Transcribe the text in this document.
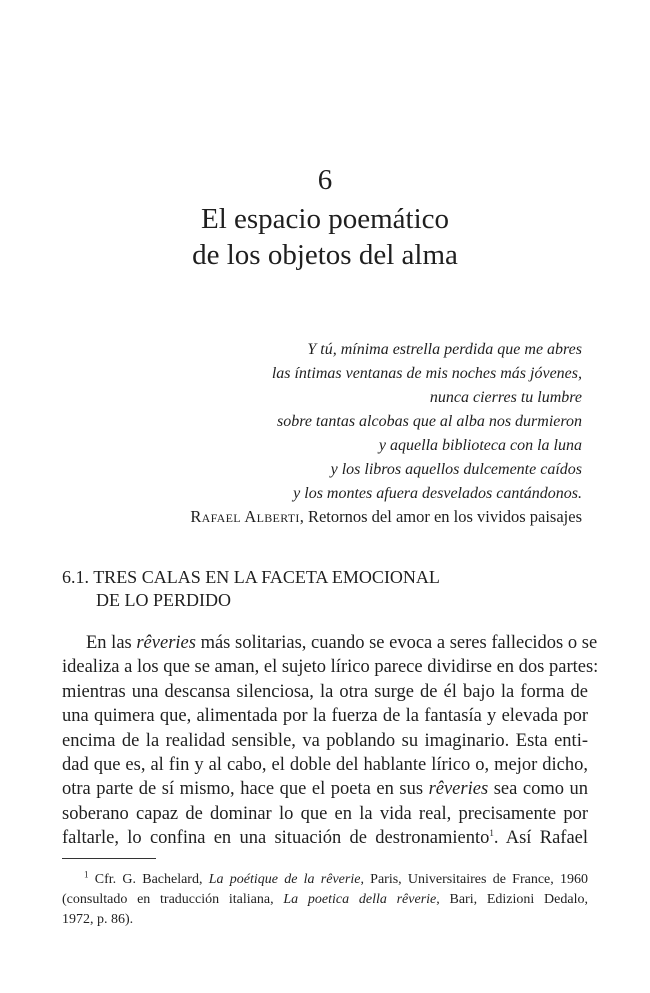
6
El espacio poemático
de los objetos del alma
Y tú, mínima estrella perdida que me abres
las íntimas ventanas de mis noches más jóvenes,
nunca cierres tu lumbre
sobre tantas alcobas que al alba nos durmieron
y aquella biblioteca con la luna
y los libros aquellos dulcemente caídos
y los montes afuera desvelados cantándonos.
Rafael Alberti, Retornos del amor en los vividos paisajes
6.1. TRES CALAS EN LA FACETA EMOCIONAL
DE LO PERDIDO
En las rêveries más solitarias, cuando se evoca a seres fallecidos o se
idealiza a los que se aman, el sujeto lírico parece dividirse en dos partes:
mientras una descansa silenciosa, la otra surge de él bajo la forma de
una quimera que, alimentada por la fuerza de la fantasía y elevada por
encima de la realidad sensible, va poblando su imaginario. Esta enti-
dad que es, al fin y al cabo, el doble del hablante lírico o, mejor dicho,
otra parte de sí mismo, hace que el poeta en sus rêveries sea como un
soberano capaz de dominar lo que en la vida real, precisamente por
faltarle, lo confina en una situación de destronamiento$^1$. Así Rafael
$^1$ Cfr. G. Bachelard, La poétique de la rêverie, Paris, Universitaires de France, 1960
(consultado en traducción italiana, La poetica della rêverie, Bari, Edizioni Dedalo,
1972, p. 86).
